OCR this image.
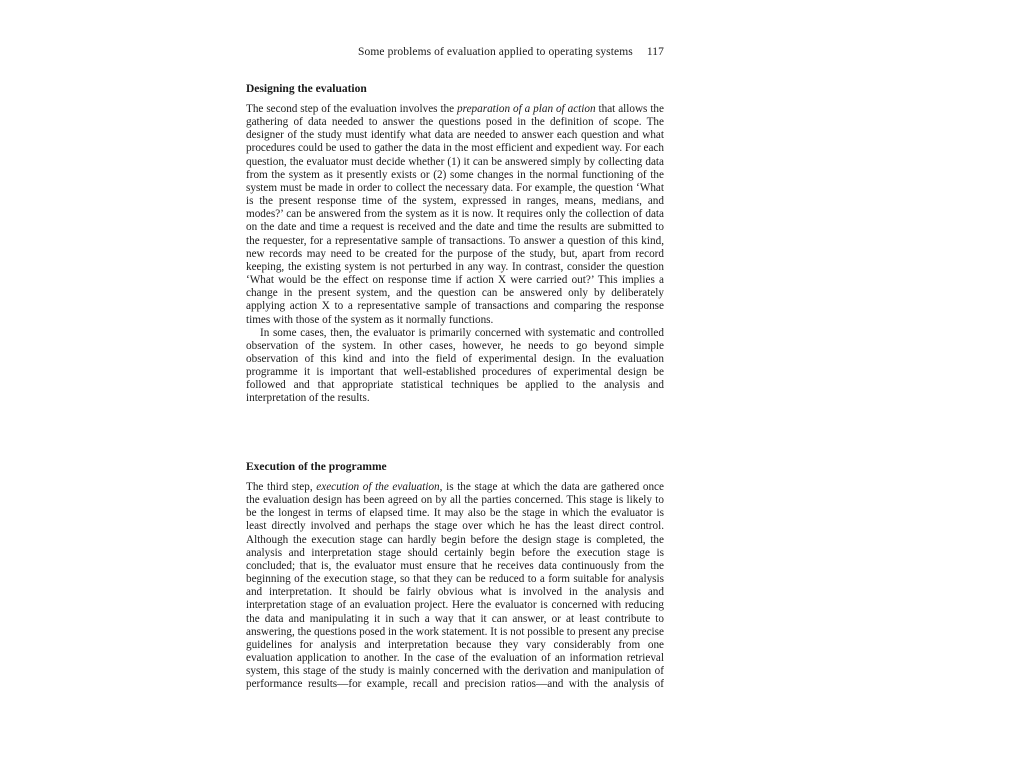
Some problems of evaluation applied to operating systems 117
Designing the evaluation

The second step of the evaluation involves the preparation of a plan of action that allows the gathering of data needed to answer the questions posed in the definition of scope. The designer of the study must identify what data are needed to answer each question and what procedures could be used to gather the data in the most efficient and expedient way. For each question, the evaluator must decide whether (1) it can be answered simply by collecting data from the system as it presently exists or (2) some changes in the normal functioning of the system must be made in order to collect the necessary data. For example, the question ‘What is the present response time of the system, expressed in ranges, means, medians, and modes?’ can be answered from the system as it is now. It requires only the collection of data on the date and time a request is received and the date and time the results are submitted to the requester, for a representative sample of transactions. To answer a question of this kind, new records may need to be created for the purpose of the study, but, apart from record keeping, the existing system is not perturbed in any way. In contrast, consider the question ‘What would be the effect on response time if action X were carried out?’ This implies a change in the present system, and the question can be answered only by deliberately applying action X to a representative sample of transactions and comparing the response times with those of the system as it normally functions.

In some cases, then, the evaluator is primarily concerned with systematic and controlled observation of the system. In other cases, however, he needs to go beyond simple observation of this kind and into the field of experimental design. In the evaluation programme it is important that well-established procedures of experimental design be followed and that appropriate statistical techniques be applied to the analysis and interpretation of the results.

Execution of the programme

The third step, execution of the evaluation, is the stage at which the data are gathered once the evaluation design has been agreed on by all the parties concerned. This stage is likely to be the longest in terms of elapsed time. It may also be the stage in which the evaluator is least directly involved and perhaps the stage over which he has the least direct control. Although the execution stage can hardly begin before the design stage is completed, the analysis and interpretation stage should certainly begin before the execution stage is concluded; that is, the evaluator must ensure that he receives data continuously from the beginning of the execution stage, so that they can be reduced to a form suitable for analysis and interpretation. It should be fairly obvious what is involved in the analysis and interpretation stage of an evaluation project. Here the evaluator is concerned with reducing the data and manipulating it in such a way that it can answer, or at least contribute to answering, the questions posed in the work statement. It is not possible to present any precise guidelines for analysis and interpretation because they vary considerably from one evaluation application to another. In the case of the evaluation of an information retrieval system, this stage of the study is mainly concerned with the derivation and manipulation of performance results—for example, recall and precision ratios—and with the analysis of
